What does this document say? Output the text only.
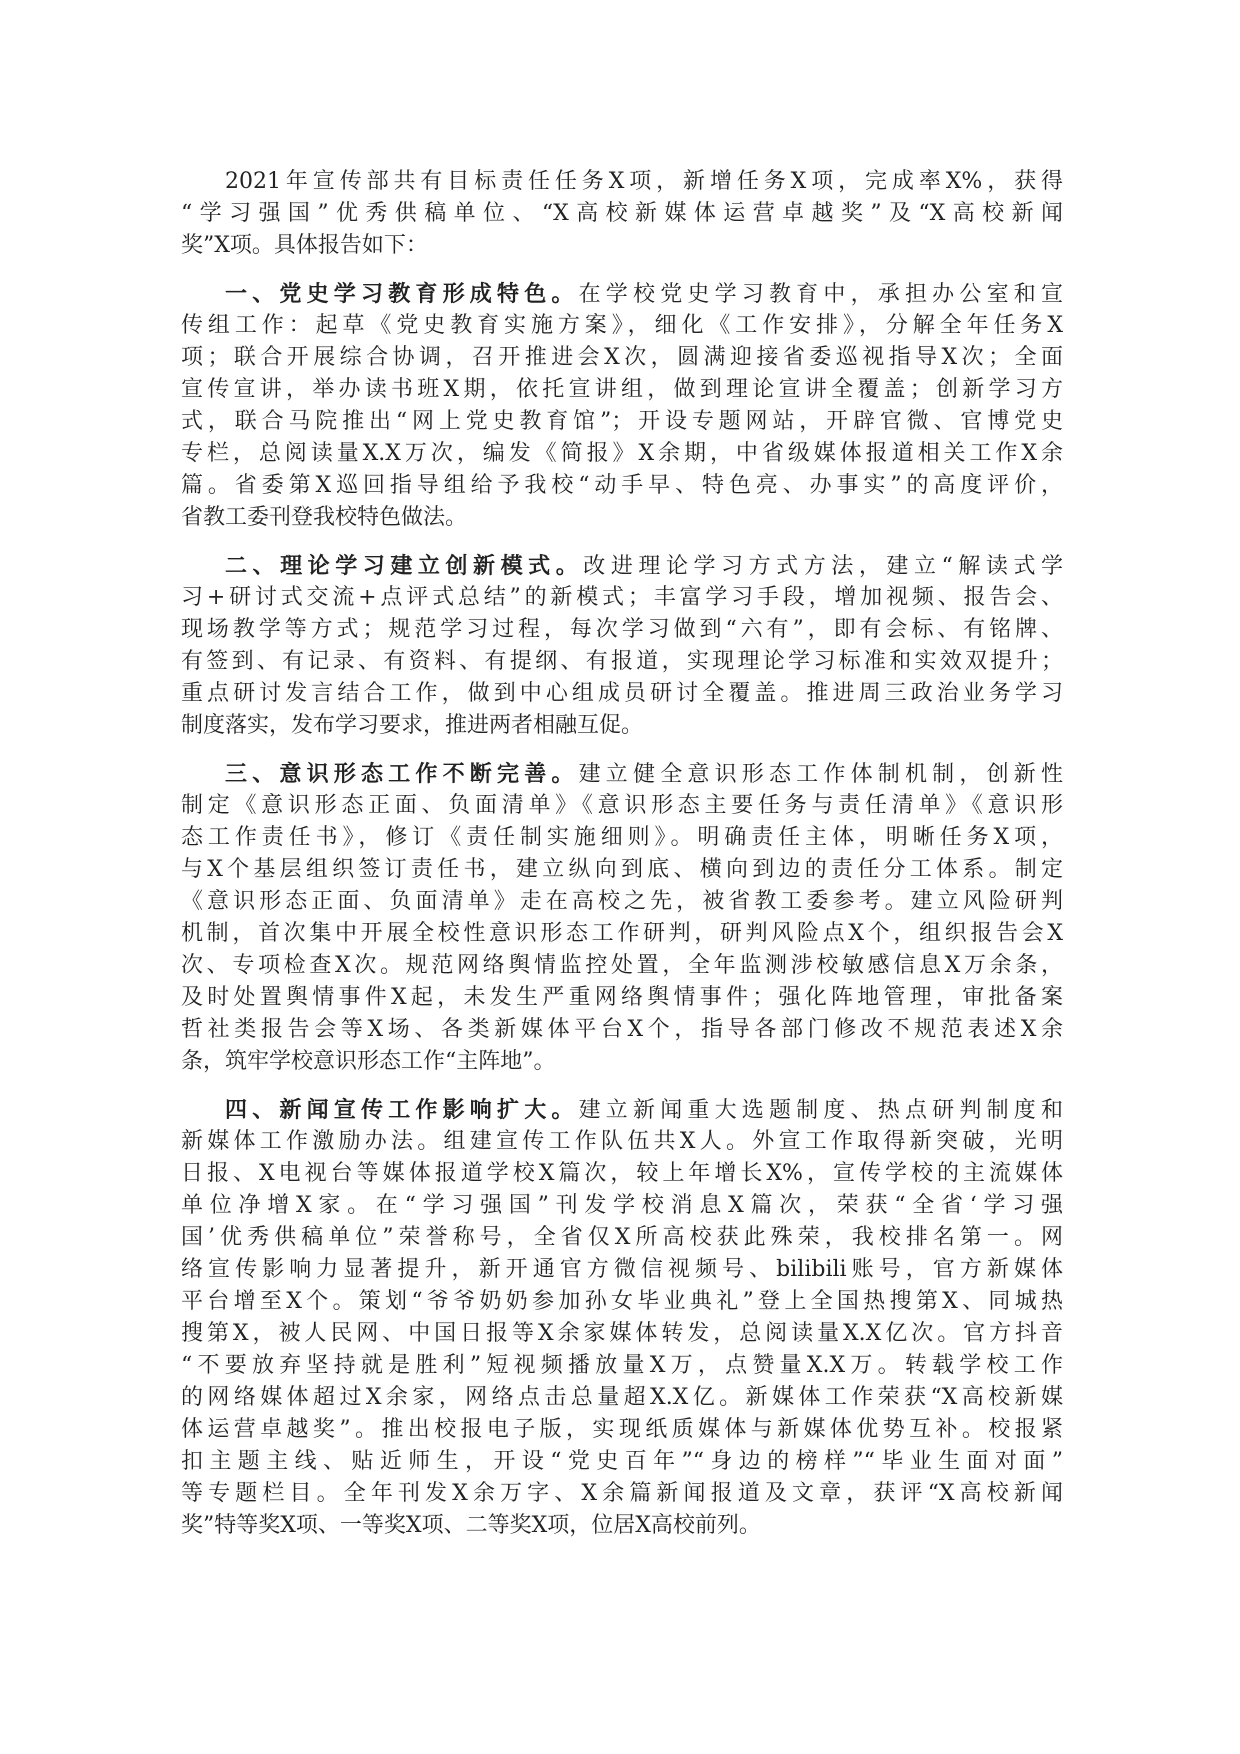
2021年宣传部共有目标责任任务X项，新增任务X项，完成率X%，获得
“学习强国”优秀供稿单位、“X高校新媒体运营卓越奖”及“X高校新闻
奖”X项。具体报告如下：
一、党史学习教育形成特色。在学校党史学习教育中，承担办公室和宣
传组工作：起草《党史教育实施方案》，细化《工作安排》，分解全年任务X
项；联合开展综合协调，召开推进会X次，圆满迎接省委巡视指导X次；全面
宣传宣讲，举办读书班X期，依托宣讲组，做到理论宣讲全覆盖；创新学习方
式，联合马院推出“网上党史教育馆”；开设专题网站，开辟官微、官博党史
专栏，总阅读量X.X万次，编发《简报》X余期，中省级媒体报道相关工作X余
篇。省委第X巡回指导组给予我校“动手早、特色亮、办事实”的高度评价，
省教工委刊登我校特色做法。
二、理论学习建立创新模式。改进理论学习方式方法，建立“解读式学
习+研讨式交流+点评式总结”的新模式；丰富学习手段，增加视频、报告会、
现场教学等方式；规范学习过程，每次学习做到“六有”，即有会标、有铭牌、
有签到、有记录、有资料、有提纲、有报道，实现理论学习标准和实效双提升；
重点研讨发言结合工作，做到中心组成员研讨全覆盖。推进周三政治业务学习
制度落实，发布学习要求，推进两者相融互促。
三、意识形态工作不断完善。建立健全意识形态工作体制机制，创新性
制定《意识形态正面、负面清单》《意识形态主要任务与责任清单》《意识形
态工作责任书》，修订《责任制实施细则》。明确责任主体，明晰任务X项，
与X个基层组织签订责任书，建立纵向到底、横向到边的责任分工体系。制定
《意识形态正面、负面清单》走在高校之先，被省教工委参考。建立风险研判
机制，首次集中开展全校性意识形态工作研判，研判风险点X个，组织报告会X
次、专项检查X次。规范网络舆情监控处置，全年监测涉校敏感信息X万余条，
及时处置舆情事件X起，未发生严重网络舆情事件；强化阵地管理，审批备案
哲社类报告会等X场、各类新媒体平台X个，指导各部门修改不规范表述X余
条，筑牢学校意识形态工作“主阵地”。
四、新闻宣传工作影响扩大。建立新闻重大选题制度、热点研判制度和
新媒体工作激励办法。组建宣传工作队伍共X人。外宣工作取得新突破，光明
日报、X电视台等媒体报道学校X篇次，较上年增长X%，宣传学校的主流媒体
单位净增X家。在“学习强国”刊发学校消息X篇次，荣获“全省‘学习强
国’优秀供稿单位”荣誉称号，全省仅X所高校获此殊荣，我校排名第一。网
络宣传影响力显著提升，新开通官方微信视频号、bilibili账号，官方新媒体
平台增至X个。策划“爷爷奶奶参加孙女毕业典礼”登上全国热搜第X、同城热
搜第X，被人民网、中国日报等X余家媒体转发，总阅读量X.X亿次。官方抖音
“不要放弃坚持就是胜利”短视频播放量X万，点赞量X.X万。转载学校工作
的网络媒体超过X余家，网络点击总量超X.X亿。新媒体工作荣获“X高校新媒
体运营卓越奖”。推出校报电子版，实现纸质媒体与新媒体优势互补。校报紧
扣主题主线、贴近师生，开设“党史百年”“身边的榜样”“毕业生面对面”
等专题栏目。全年刊发X余万字、X余篇新闻报道及文章，获评“X高校新闻
奖”特等奖X项、一等奖X项、二等奖X项，位居X高校前列。
